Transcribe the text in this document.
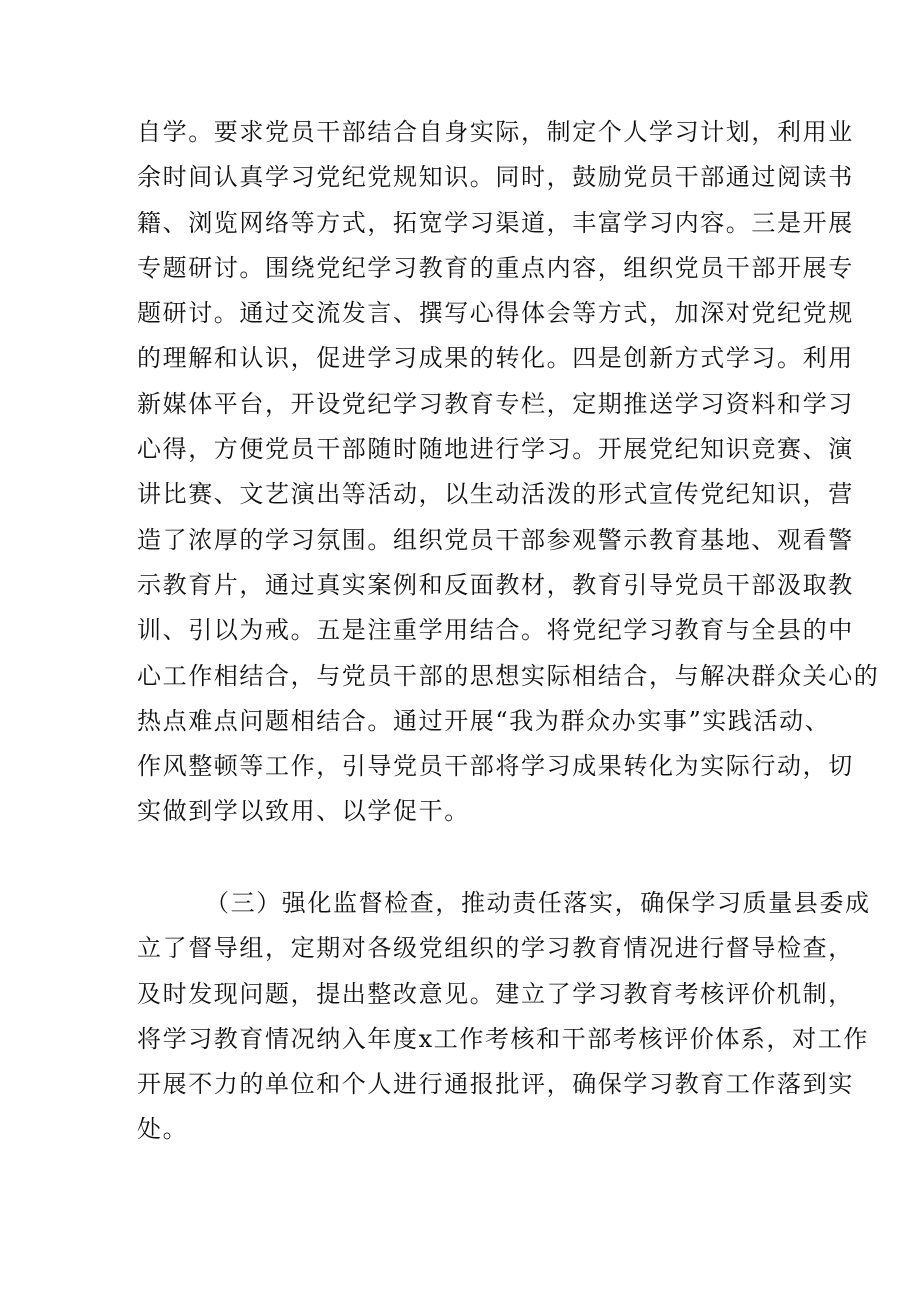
自学。要求党员干部结合自身实际，制定个人学习计划，利用业
余时间认真学习党纪党规知识。同时，鼓励党员干部通过阅读书
籍、浏览网络等方式，拓宽学习渠道，丰富学习内容。三是开展
专题研讨。围绕党纪学习教育的重点内容，组织党员干部开展专
题研讨。通过交流发言、撰写心得体会等方式，加深对党纪党规
的理解和认识，促进学习成果的转化。四是创新方式学习。利用
新媒体平台，开设党纪学习教育专栏，定期推送学习资料和学习
心得，方便党员干部随时随地进行学习。开展党纪知识竞赛、演
讲比赛、文艺演出等活动，以生动活泼的形式宣传党纪知识，营
造了浓厚的学习氛围。组织党员干部参观警示教育基地、观看警
示教育片，通过真实案例和反面教材，教育引导党员干部汲取教
训、引以为戒。五是注重学用结合。将党纪学习教育与全县的中
心工作相结合，与党员干部的思想实际相结合，与解决群众关心的
热点难点问题相结合。通过开展“我为群众办实事”实践活动、
作风整顿等工作，引导党员干部将学习成果转化为实际行动，切
实做到学以致用、以学促干。
（三）强化监督检查，推动责任落实，确保学习质量县委成
立了督导组，定期对各级党组织的学习教育情况进行督导检查，
及时发现问题，提出整改意见。建立了学习教育考核评价机制，
将学习教育情况纳入年度x工作考核和干部考核评价体系，对工作
开展不力的单位和个人进行通报批评，确保学习教育工作落到实
处。
